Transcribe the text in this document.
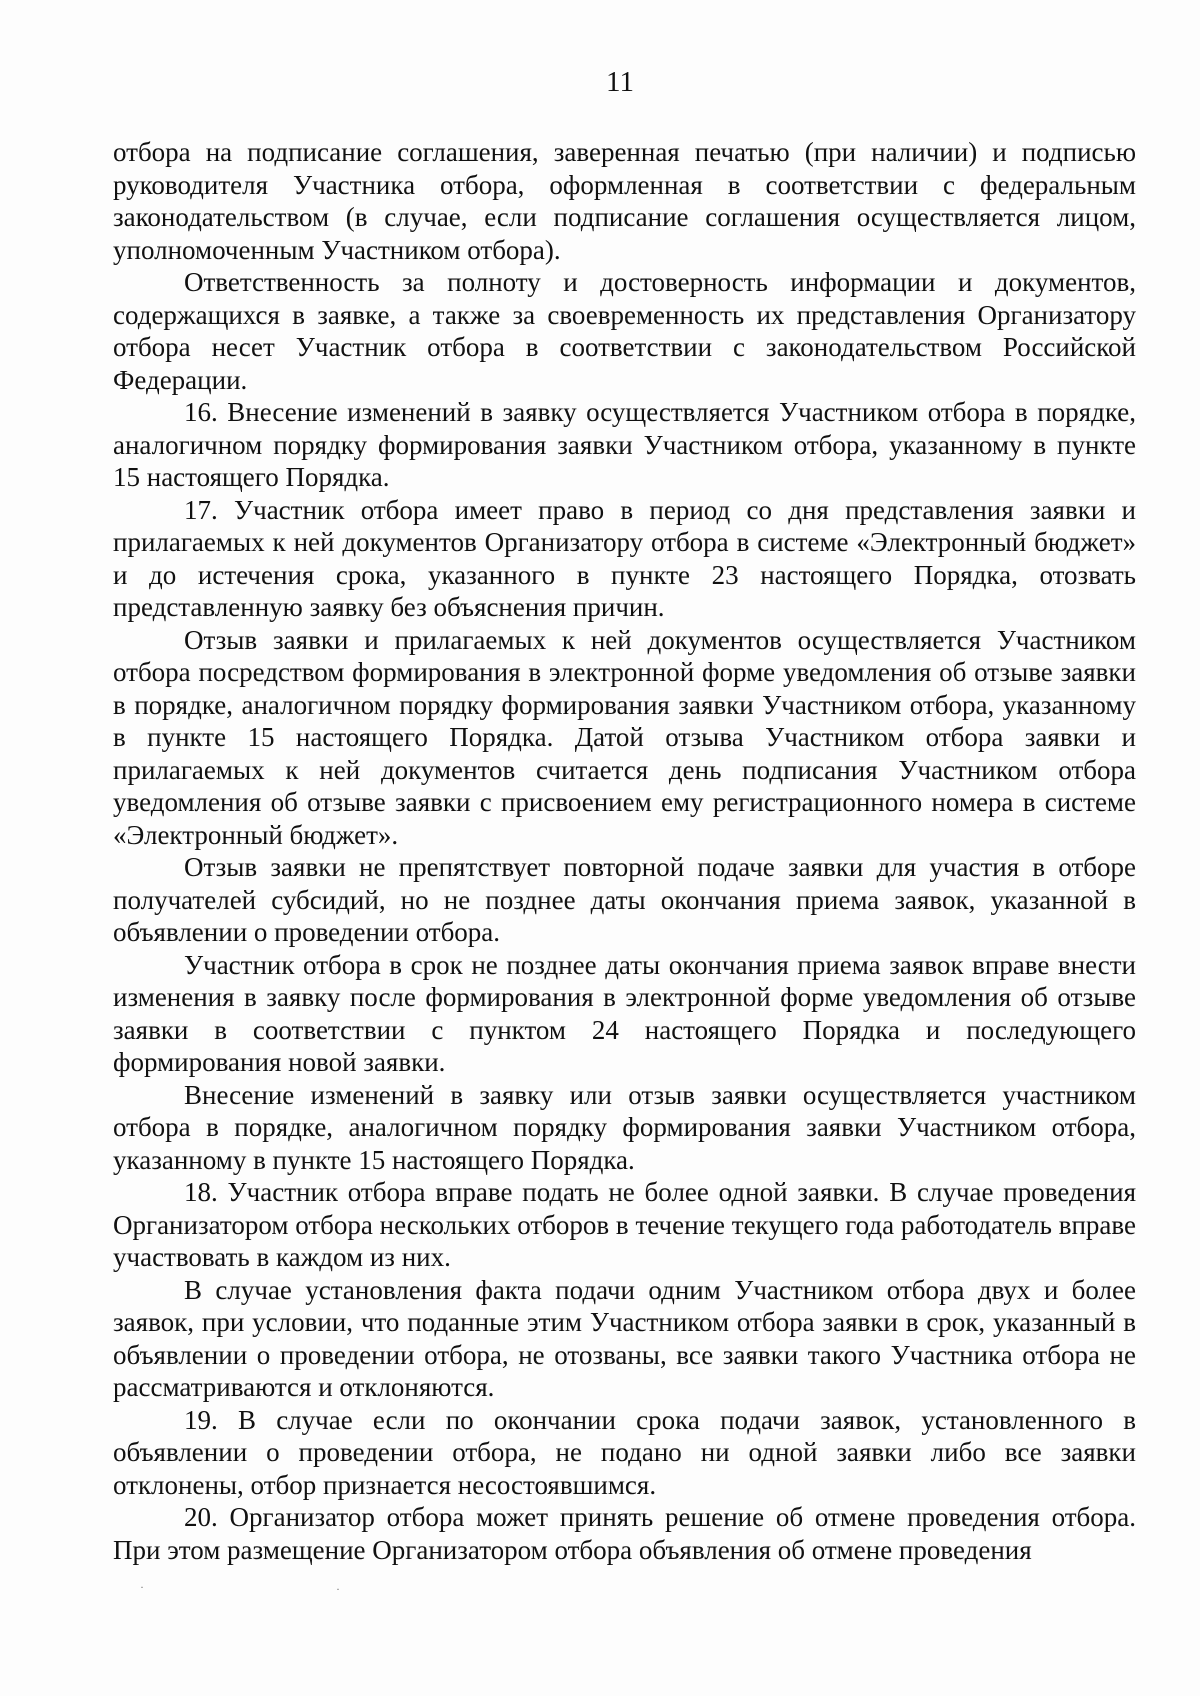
11

отбора на подписание соглашения, заверенная печатью (при наличии) и подписью руководителя Участника отбора, оформленная в соответствии с федеральным законодательством (в случае, если подписание соглашения осуществляется лицом, уполномоченным Участником отбора).

Ответственность за полноту и достоверность информации и документов, содержащихся в заявке, а также за своевременность их представления Организатору отбора несет Участник отбора в соответствии с законодательством Российской Федерации.

16. Внесение изменений в заявку осуществляется Участником отбора в порядке, аналогичном порядку формирования заявки Участником отбора, указанному в пункте 15 настоящего Порядка.

17. Участник отбора имеет право в период со дня представления заявки и прилагаемых к ней документов Организатору отбора в системе «Электронный бюджет» и до истечения срока, указанного в пункте 23 настоящего Порядка, отозвать представленную заявку без объяснения причин.

Отзыв заявки и прилагаемых к ней документов осуществляется Участником отбора посредством формирования в электронной форме уведомления об отзыве заявки в порядке, аналогичном порядку формирования заявки Участником отбора, указанному в пункте 15 настоящего Порядка. Датой отзыва Участником отбора заявки и прилагаемых к ней документов считается день подписания Участником отбора уведомления об отзыве заявки с присвоением ему регистрационного номера в системе «Электронный бюджет».

Отзыв заявки не препятствует повторной подаче заявки для участия в отборе получателей субсидий, но не позднее даты окончания приема заявок, указанной в объявлении о проведении отбора.

Участник отбора в срок не позднее даты окончания приема заявок вправе внести изменения в заявку после формирования в электронной форме уведомления об отзыве заявки в соответствии с пунктом 24 настоящего Порядка и последующего формирования новой заявки.

Внесение изменений в заявку или отзыв заявки осуществляется участником отбора в порядке, аналогичном порядку формирования заявки Участником отбора, указанному в пункте 15 настоящего Порядка.

18. Участник отбора вправе подать не более одной заявки. В случае проведения Организатором отбора нескольких отборов в течение текущего года работодатель вправе участвовать в каждом из них.

В случае установления факта подачи одним Участником отбора двух и более заявок, при условии, что поданные этим Участником отбора заявки в срок, указанный в объявлении о проведении отбора, не отозваны, все заявки такого Участника отбора не рассматриваются и отклоняются.

19. В случае если по окончании срока подачи заявок, установленного в объявлении о проведении отбора, не подано ни одной заявки либо все заявки отклонены, отбор признается несостоявшимся.

20. Организатор отбора может принять решение об отмене проведения отбора. При этом размещение Организатором отбора объявления об отмене проведения

·	·
